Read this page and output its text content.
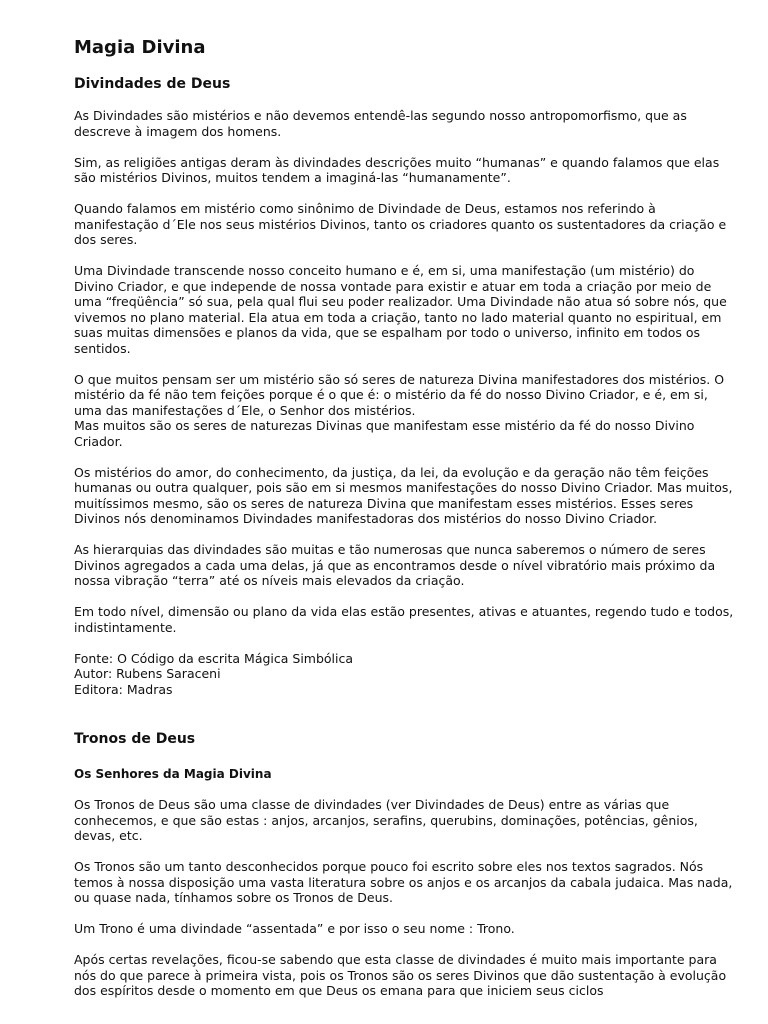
Magia Divina
Divindades de Deus

As Divindades são mistérios e não devemos entendê-las segundo nosso antropomorfismo, que as descreve à imagem dos homens.

Sim, as religiões antigas deram às divindades descrições muito “humanas” e quando falamos que elas são mistérios Divinos, muitos tendem a imaginá-las “humanamente”.

Quando falamos em mistério como sinônimo de Divindade de Deus, estamos nos referindo à manifestação d´Ele nos seus mistérios Divinos, tanto os criadores quanto os sustentadores da criação e dos seres.

Uma Divindade transcende nosso conceito humano e é, em si, uma manifestação (um mistério) do Divino Criador, e que independe de nossa vontade para existir e atuar em toda a criação por meio de uma “freqüência” só sua, pela qual flui seu poder realizador. Uma Divindade não atua só sobre nós, que vivemos no plano material. Ela atua em toda a criação, tanto no lado material quanto no espiritual, em suas muitas dimensões e planos da vida, que se espalham por todo o universo, infinito em todos os sentidos.

O que muitos pensam ser um mistério são só seres de natureza Divina manifestadores dos mistérios. O mistério da fé não tem feições porque é o que é: o mistério da fé do nosso Divino Criador, e é, em si, uma das manifestações d´Ele, o Senhor dos mistérios.
Mas muitos são os seres de naturezas Divinas que manifestam esse mistério da fé do nosso Divino Criador.

Os mistérios do amor, do conhecimento, da justiça, da lei, da evolução e da geração não têm feições humanas ou outra qualquer, pois são em si mesmos manifestações do nosso Divino Criador. Mas muitos, muitíssimos mesmo, são os seres de natureza Divina que manifestam esses mistérios. Esses seres Divinos nós denominamos Divindades manifestadoras dos mistérios do nosso Divino Criador.

As hierarquias das divindades são muitas e tão numerosas que nunca saberemos o número de seres Divinos agregados a cada uma delas, já que as encontramos desde o nível vibratório mais próximo da nossa vibração “terra” até os níveis mais elevados da criação.

Em todo nível, dimensão ou plano da vida elas estão presentes, ativas e atuantes, regendo tudo e todos, indistintamente.

Fonte: O Código da escrita Mágica Simbólica
Autor: Rubens Saraceni
Editora: Madras

Tronos de Deus
Os Senhores da Magia Divina

Os Tronos de Deus são uma classe de divindades (ver Divindades de Deus) entre as várias que conhecemos, e que são estas : anjos, arcanjos, serafins, querubins, dominações, potências, gênios, devas, etc.

Os Tronos são um tanto desconhecidos porque pouco foi escrito sobre eles nos textos sagrados. Nós temos à nossa disposição uma vasta literatura sobre os anjos e os arcanjos da cabala judaica. Mas nada, ou quase nada, tínhamos sobre os Tronos de Deus.

Um Trono é uma divindade “assentada” e por isso o seu nome : Trono.

Após certas revelações, ficou-se sabendo que esta classe de divindades é muito mais importante para nós do que parece à primeira vista, pois os Tronos são os seres Divinos que dão sustentação à evolução dos espíritos desde o momento em que Deus os emana para que iniciem seus ciclos
